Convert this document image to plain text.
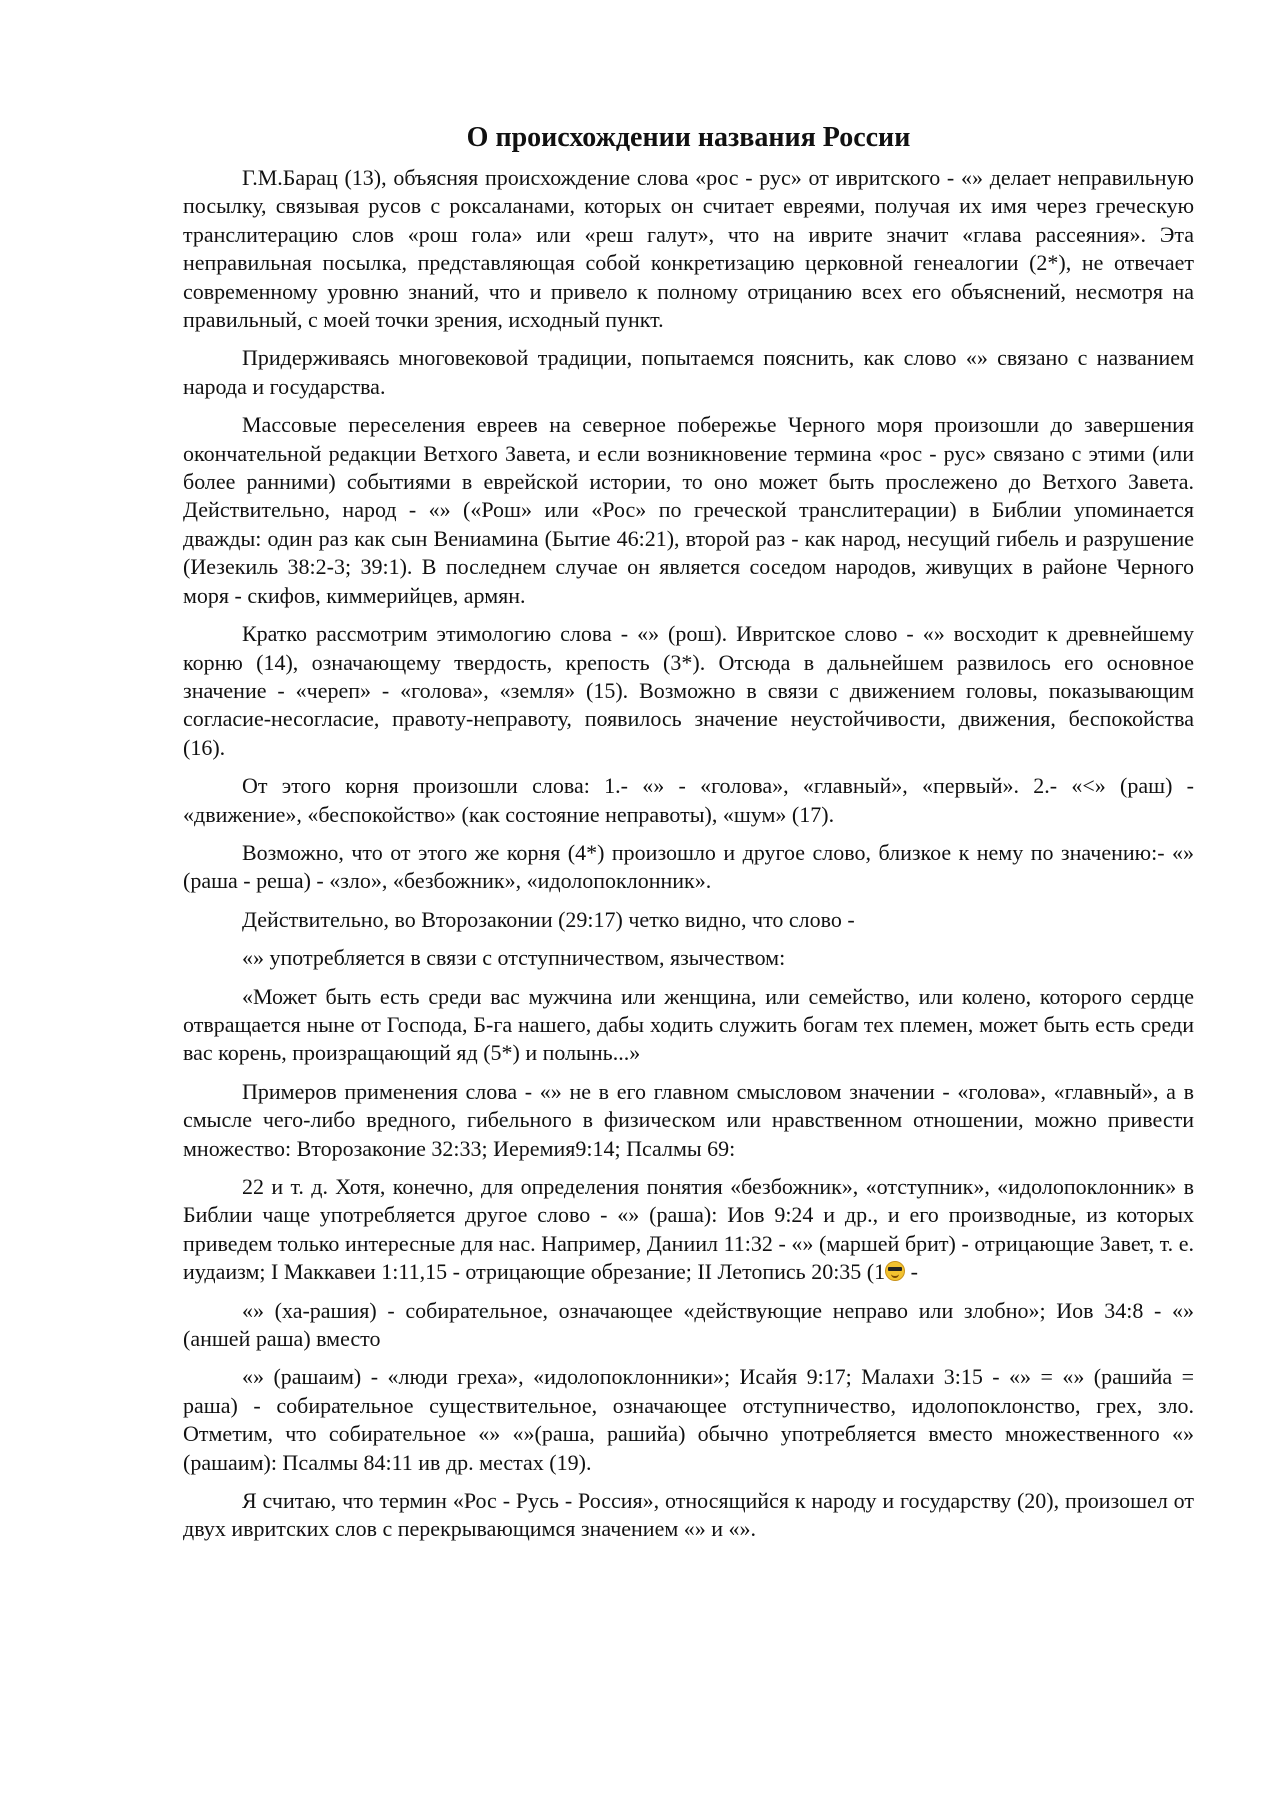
О происхождении названия России

Г.М.Барац (13), объясняя происхождение слова «рос - рус» от ивритского - «» делает неправильную посылку, связывая русов с роксаланами, которых он считает евреями, получая их имя через греческую транслитерацию слов «рош гола» или «реш галут», что на иврите значит «глава рассеяния». Эта неправильная посылка, представляющая собой конкретизацию церковной генеалогии (2*), не отвечает современному уровню знаний, что и привело к полному отрицанию всех его объяснений, несмотря на правильный, с моей точки зрения, исходный пункт.

Придерживаясь многовековой традиции, попытаемся пояснить, как слово «» связано с названием народа и государства.

Массовые переселения евреев на северное побережье Черного моря произошли до завершения окончательной редакции Ветхого Завета, и если возникновение термина «рос - рус» связано с этими (или более ранними) событиями в еврейской истории, то оно может быть прослежено до Ветхого Завета. Действительно, народ - «» («Рош» или «Рос» по греческой транслитерации) в Библии упоминается дважды: один раз как сын Вениамина (Бытие 46:21), второй раз - как народ, несущий гибель и разрушение (Иезекиль 38:2-3; 39:1). В последнем случае он является соседом народов, живущих в районе Черного моря - скифов, киммерийцев, армян.

Кратко рассмотрим этимологию слова - «» (рош). Ивритское слово - «» восходит к древнейшему корню (14), означающему твердость, крепость (3*). Отсюда в дальнейшем развилось его основное значение - «череп» - «голова», «земля» (15). Возможно в связи с движением головы, показывающим согласие-несогласие, правоту-неправоту, появилось значение неустойчивости, движения, беспокойства (16).

От этого корня произошли слова: 1.- «» - «голова», «главный», «первый». 2.- «<» (раш) - «движение», «беспокойство» (как состояние неправоты), «шум» (17).

Возможно, что от этого же корня (4*) произошло и другое слово, близкое к нему по значению:- «» (раша - реша) - «зло», «безбожник», «идолопоклонник».

Действительно, во Второзаконии (29:17) четко видно, что слово -

«» употребляется в связи с отступничеством, язычеством:

«Может быть есть среди вас мужчина или женщина, или семейство, или колено, которого сердце отвращается ныне от Господа, Б-га нашего, дабы ходить служить богам тех племен, может быть есть среди вас корень, произращающий яд (5*) и полынь...»

Примеров применения слова - «» не в его главном смысловом значении - «голова», «главный», а в смысле чего-либо вредного, гибельного в физическом или нравственном отношении, можно привести множество: Второзаконие 32:33; Иеремия9:14; Псалмы 69:

22 и т. д. Хотя, конечно, для определения понятия «безбожник», «отступник», «идолопоклонник» в Библии чаще употребляется другое слово - «» (раша): Иов 9:24 и др., и его производные, из которых приведем только интересные для нас. Например, Даниил 11:32 - «» (маршей брит) - отрицающие Завет, т. е. иудаизм; I Маккавеи 1:11,15 - отрицающие обрезание; II Летопись 20:35 (1 -

«» (ха-рашия) - собирательное, означающее «действующие неправо или злобно»; Иов 34:8 - «» (аншей раша) вместо

«» (рашаим) - «люди греха», «идолопоклонники»; Исайя 9:17; Малахи 3:15 - «» = «» (рашийа = раша) - собирательное существительное, означающее отступничество, идолопоклонство, грех, зло. Отметим, что собирательное «» «»(раша, рашийа) обычно употребляется вместо множественного «» (рашаим): Псалмы 84:11 ив др. местах (19).

Я считаю, что термин «Рос - Русь - Россия», относящийся к народу и государству (20), произошел от двух ивритских слов с перекрывающимся значением «» и «».
